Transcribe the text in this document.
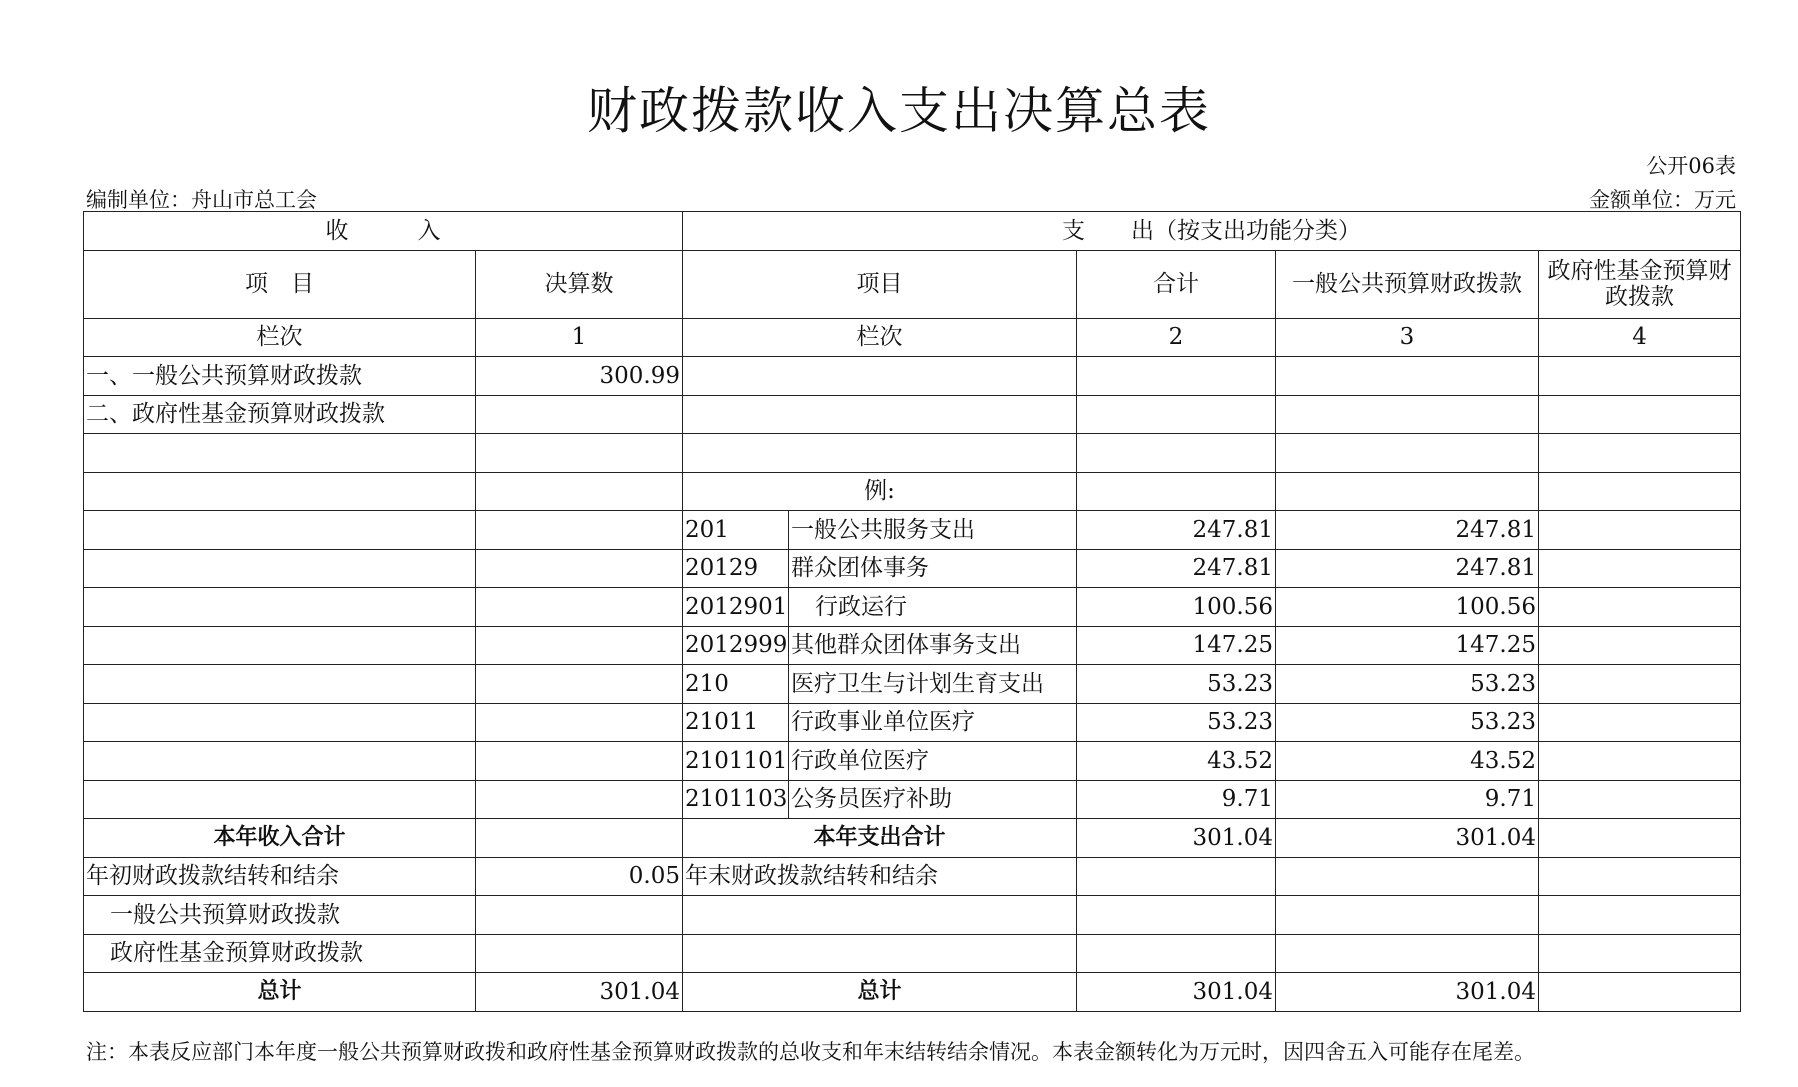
财政拨款收入支出决算总表
公开06表
编制单位：舟山市总工会	金额单位：万元
收　　　入		支　　出（按支出功能分类）				
项　目	决算数	项目		合计	一般公共预算财政拨款	政府性基金预算财政拨款
栏次	1	栏次		2	3	4
一、一般公共预算财政拨款	300.99					
二、政府性基金预算财政拨款						

		例:				
		201	一般公共服务支出	247.81	247.81	
		20129	群众团体事务	247.81	247.81	
		2012901	行政运行	100.56	100.56	
		2012999	其他群众团体事务支出	147.25	147.25	
		210	医疗卫生与计划生育支出	53.23	53.23	
		21011	行政事业单位医疗	53.23	53.23	
		2101101	行政单位医疗	43.52	43.52	
		2101103	公务员医疗补助	9.71	9.71	
本年收入合计		本年支出合计		301.04	301.04	
年初财政拨款结转和结余	0.05	年末财政拨款结转和结余				
一般公共预算财政拨款						
政府性基金预算财政拨款						
总计	301.04	总计		301.04	301.04	
注：本表反应部门本年度一般公共预算财政拨和政府性基金预算财政拨款的总收支和年末结转结余情况。本表金额转化为万元时，因四舍五入可能存在尾差。
